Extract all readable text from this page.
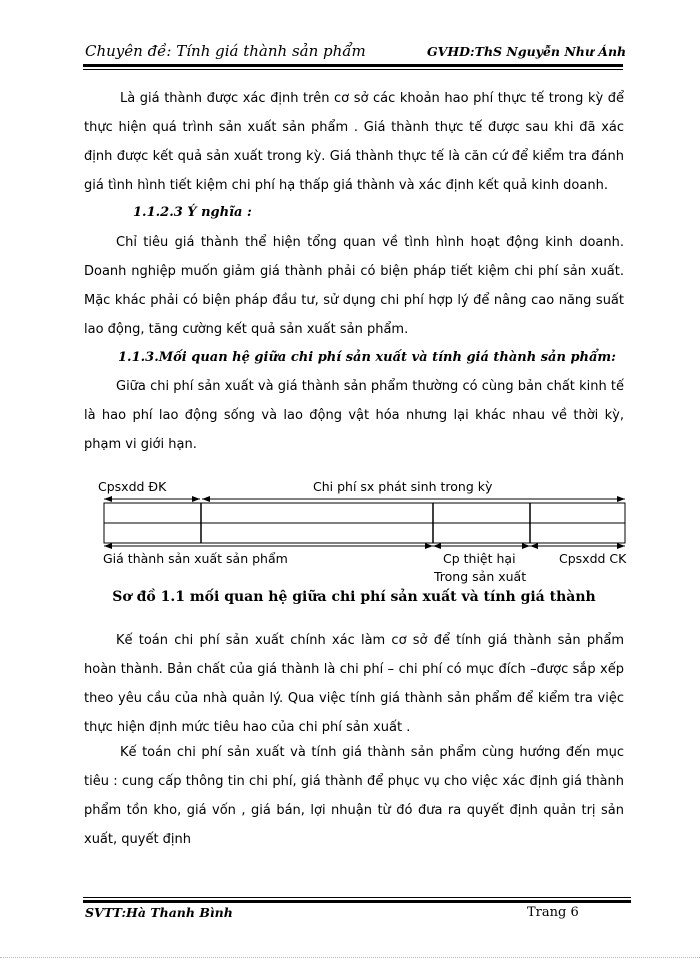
Chuyên đề: Tính giá thành sản phẩm	GVHD:ThS Nguyễn Như Ánh

Là giá thành được xác định trên cơ sở các khoản hao phí thực tế trong kỳ để thực hiện quá trình sản xuất sản phẩm . Giá thành thực tế được sau khi đã xác định được kết quả sản xuất trong kỳ. Giá thành thực tế là căn cứ để kiểm tra đánh giá tình hình tiết kiệm chi phí hạ thấp giá thành và xác định kết quả kinh doanh.

1.1.2.3 Ý nghĩa :

Chỉ tiêu giá thành thể hiện tổng quan về tình hình hoạt động kinh doanh. Doanh nghiệp muốn giảm giá thành phải có biện pháp tiết kiệm chi phí sản xuất. Mặc khác phải có biện pháp đầu tư, sử dụng chi phí hợp lý để nâng cao năng suất lao động, tăng cường kết quả sản xuất sản phẩm.

1.1.3.Mối quan hệ giữa chi phí sản xuất và tính giá thành sản phẩm:

Giữa chi phí sản xuất và giá thành sản phẩm thường có cùng bản chất kinh tế là hao phí lao động sống và lao động vật hóa nhưng lại khác nhau về thời kỳ, phạm vi giới hạn.

Cpsxdd ĐK	Chi phí sx phát sinh trong kỳ
Giá thành sản xuất sản phẩm	Cp thiệt hại
Trong sản xuất
Cpsxdd CK
Sơ đồ 1.1 mối quan hệ giữa chi phí sản xuất và tính giá thành

Kế toán chi phí sản xuất chính xác làm cơ sở để tính giá thành sản phẩm hoàn thành. Bản chất của giá thành là chi phí – chi phí có mục đích –được sắp xếp theo yêu cầu của nhà quản lý. Qua việc tính giá thành sản phẩm để kiểm tra việc thực hiện định mức tiêu hao của chi phí sản xuất .

Kế toán chi phí sản xuất và tính giá thành sản phẩm cùng hướng đến mục tiêu : cung cấp thông tin chi phí, giá thành để phục vụ cho việc xác định giá thành phẩm tồn kho, giá vốn , giá bán, lợi nhuận từ đó đưa ra quyết định quản trị sản xuất, quyết định

SVTT:Hà Thanh Bình	Trang 6
